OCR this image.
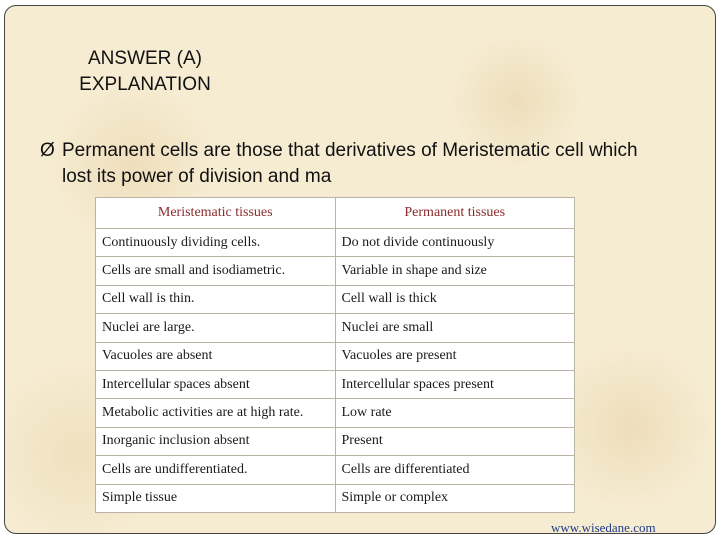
ANSWER (A)
EXPLANATION
Ø Permanent cells are those that derivatives of Meristematic cell which lost its power of division and ma
Meristematic tissues	Permanent tissues
Continuously dividing cells.	Do not divide continuously
Cells are small and isodiametric.	Variable in shape and size
Cell wall is thin.	Cell wall is thick
Nuclei are large.	Nuclei are small
Vacuoles are absent	Vacuoles are present
Intercellular spaces absent	Intercellular spaces present
Metabolic activities are at high rate.	Low rate
Inorganic inclusion absent	Present
Cells are undifferentiated.	Cells are differentiated
Simple tissue	Simple or complex
www.wisedane.com
